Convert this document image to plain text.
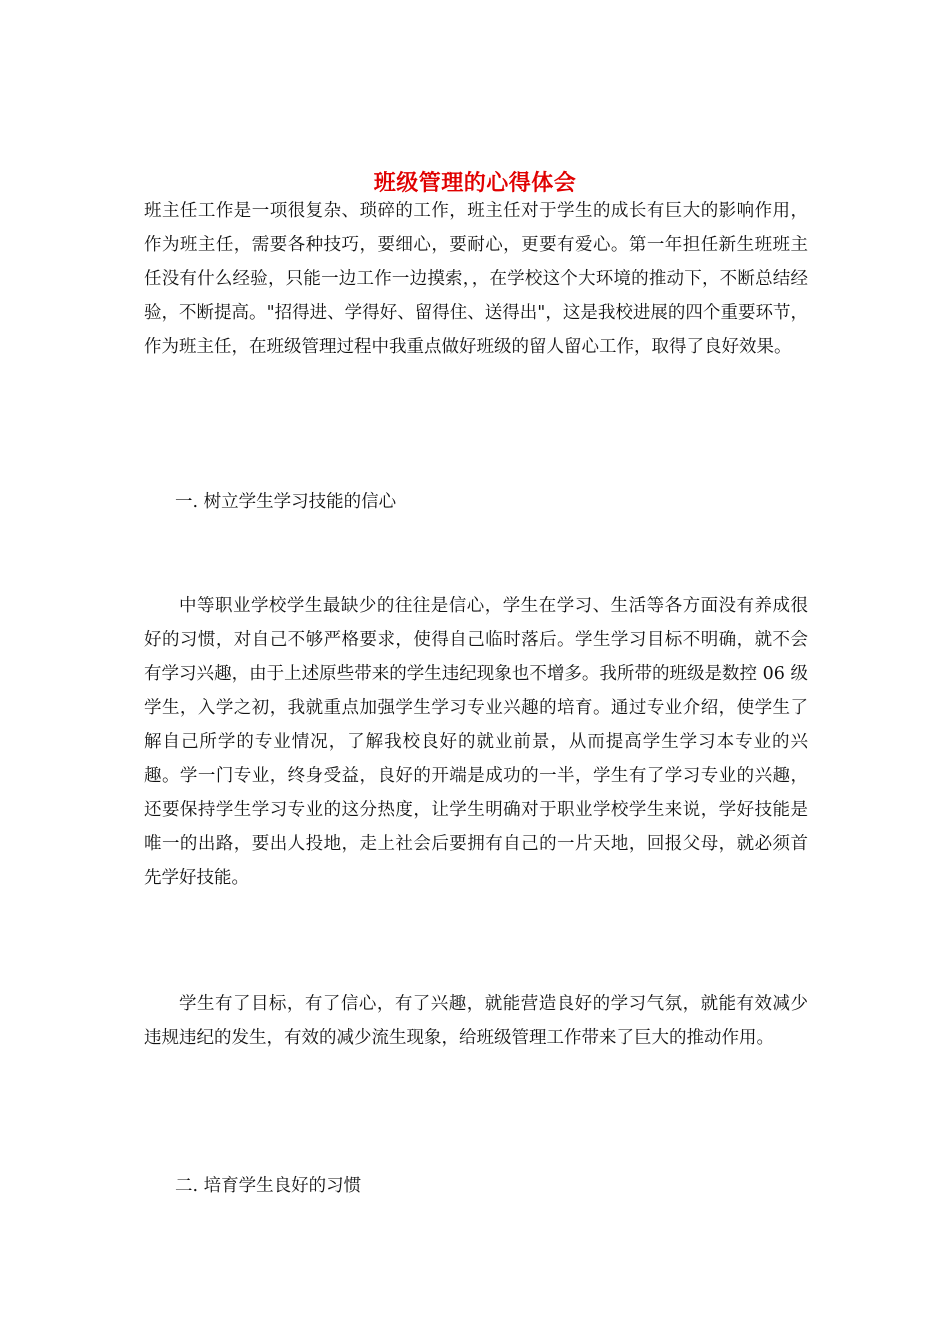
班级管理的心得体会

班主任工作是一项很复杂、琐碎的工作，班主任对于学生的成长有巨大的影响作用，作为班主任，需要各种技巧，要细心，要耐心，更要有爱心。第一年担任新生班班主任没有什么经验，只能一边工作一边摸索，，在学校这个大环境的推动下，不断总结经验，不断提高。"招得进、学得好、留得住、送得出"，这是我校进展的四个重要环节，作为班主任，在班级管理过程中我重点做好班级的留人留心工作，取得了良好效果。

一. 树立学生学习技能的信心

中等职业学校学生最缺少的往往是信心，学生在学习、生活等各方面没有养成很好的习惯，对自己不够严格要求，使得自己临时落后。学生学习目标不明确，就不会有学习兴趣，由于上述原些带来的学生违纪现象也不增多。我所带的班级是数控 06 级学生，入学之初，我就重点加强学生学习专业兴趣的培育。通过专业介绍，使学生了解自己所学的专业情况，了解我校良好的就业前景，从而提高学生学习本专业的兴趣。学一门专业，终身受益，良好的开端是成功的一半，学生有了学习专业的兴趣，还要保持学生学习专业的这分热度，让学生明确对于职业学校学生来说，学好技能是唯一的出路，要出人投地，走上社会后要拥有自己的一片天地，回报父母，就必须首先学好技能。

学生有了目标，有了信心，有了兴趣，就能营造良好的学习气氛，就能有效减少违规违纪的发生，有效的减少流生现象，给班级管理工作带来了巨大的推动作用。

二. 培育学生良好的习惯
